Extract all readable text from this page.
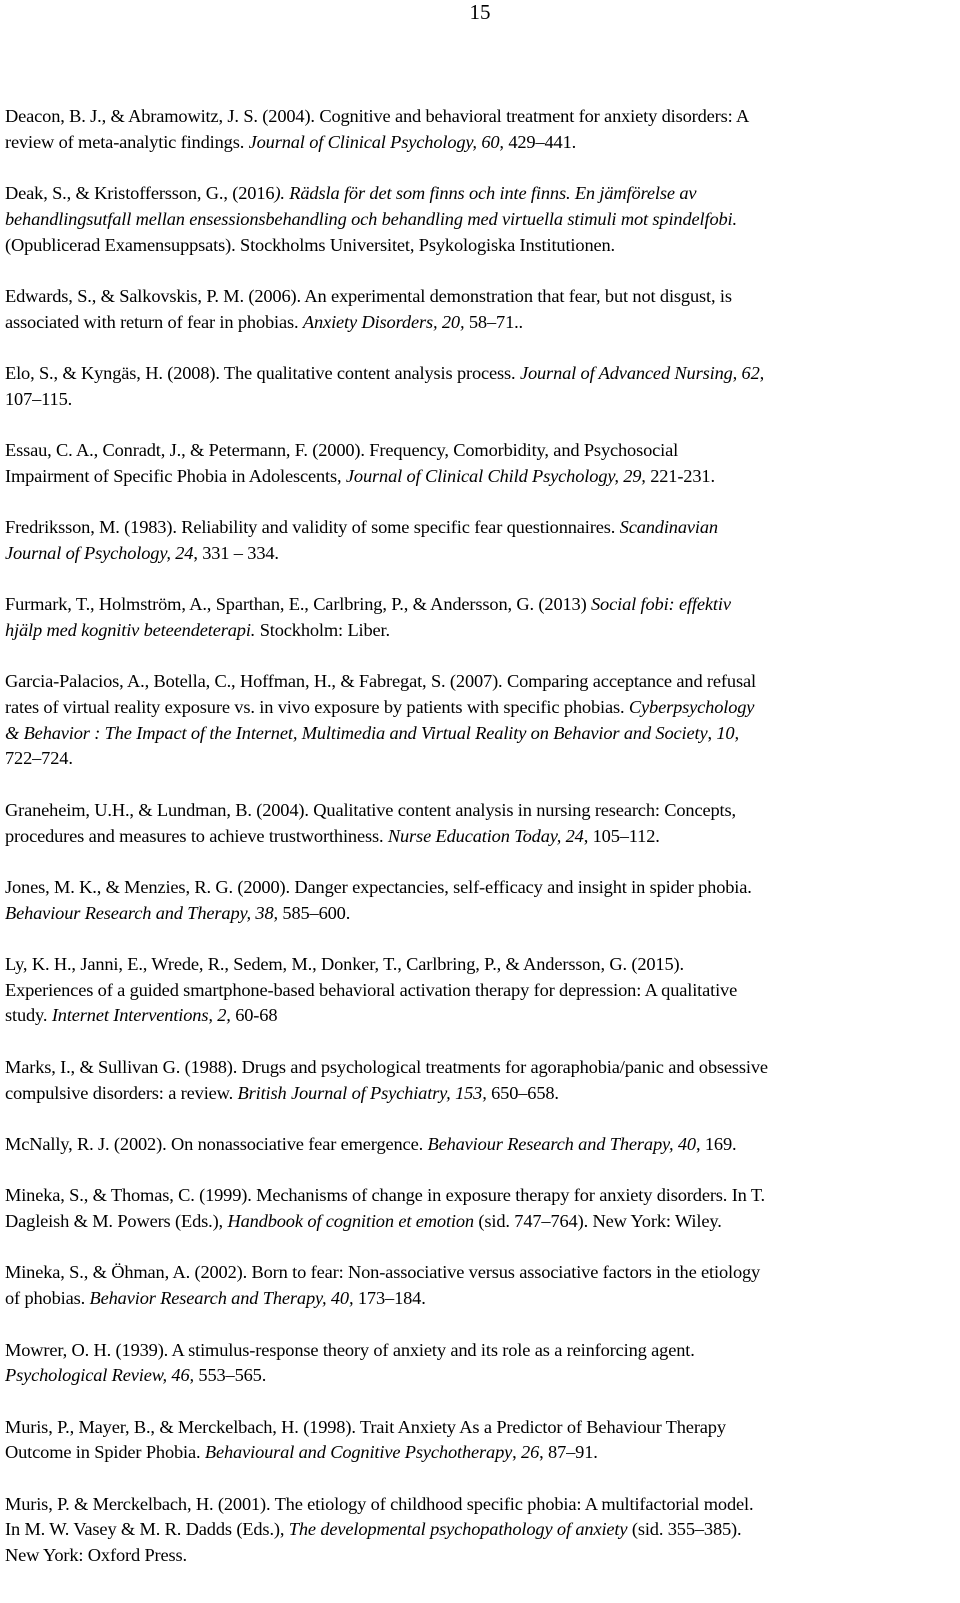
15
Deacon, B. J., & Abramowitz, J. S. (2004). Cognitive and behavioral treatment for anxiety disorders: A
review of meta-analytic findings. Journal of Clinical Psychology, 60, 429–441.
Deak, S., & Kristoffersson, G., (2016). Rädsla för det som finns och inte finns. En jämförelse av
behandlingsutfall mellan ensessionsbehandling och behandling med virtuella stimuli mot spindelfobi.
(Opublicerad Examensuppsats). Stockholms Universitet, Psykologiska Institutionen.
Edwards, S., & Salkovskis, P. M. (2006). An experimental demonstration that fear, but not disgust, is
associated with return of fear in phobias. Anxiety Disorders, 20, 58–71..
Elo, S., & Kyngäs, H. (2008). The qualitative content analysis process. Journal of Advanced Nursing, 62,
107–115.
Essau, C. A., Conradt, J., & Petermann, F. (2000). Frequency, Comorbidity, and Psychosocial
Impairment of Specific Phobia in Adolescents, Journal of Clinical Child Psychology, 29, 221-231.
Fredriksson, M. (1983). Reliability and validity of some specific fear questionnaires. Scandinavian
Journal of Psychology, 24, 331 – 334.
Furmark, T., Holmström, A., Sparthan, E., Carlbring, P., & Andersson, G. (2013) Social fobi: effektiv
hjälp med kognitiv beteendeterapi. Stockholm: Liber.
Garcia-Palacios, A., Botella, C., Hoffman, H., & Fabregat, S. (2007). Comparing acceptance and refusal
rates of virtual reality exposure vs. in vivo exposure by patients with specific phobias. Cyberpsychology
& Behavior : The Impact of the Internet, Multimedia and Virtual Reality on Behavior and Society, 10,
722–724.
Graneheim, U.H., & Lundman, B. (2004). Qualitative content analysis in nursing research: Concepts,
procedures and measures to achieve trustworthiness. Nurse Education Today, 24, 105–112.
Jones, M. K., & Menzies, R. G. (2000). Danger expectancies, self-efficacy and insight in spider phobia.
Behaviour Research and Therapy, 38, 585–600.
Ly, K. H., Janni, E., Wrede, R., Sedem, M., Donker, T., Carlbring, P., & Andersson, G. (2015).
Experiences of a guided smartphone-based behavioral activation therapy for depression: A qualitative
study. Internet Interventions, 2, 60-68
Marks, I., & Sullivan G. (1988). Drugs and psychological treatments for agoraphobia/panic and obsessive
compulsive disorders: a review. British Journal of Psychiatry, 153, 650–658.
McNally, R. J. (2002). On nonassociative fear emergence. Behaviour Research and Therapy, 40, 169.
Mineka, S., & Thomas, C. (1999). Mechanisms of change in exposure therapy for anxiety disorders. In T.
Dagleish & M. Powers (Eds.), Handbook of cognition et emotion (sid. 747–764). New York: Wiley.
Mineka, S., & Öhman, A. (2002). Born to fear: Non-associative versus associative factors in the etiology
of phobias. Behavior Research and Therapy, 40, 173–184.
Mowrer, O. H. (1939). A stimulus-response theory of anxiety and its role as a reinforcing agent.
Psychological Review, 46, 553–565.
Muris, P., Mayer, B., & Merckelbach, H. (1998). Trait Anxiety As a Predictor of Behaviour Therapy
Outcome in Spider Phobia. Behavioural and Cognitive Psychotherapy, 26, 87–91.
Muris, P. & Merckelbach, H. (2001). The etiology of childhood specific phobia: A multifactorial model.
In M. W. Vasey & M. R. Dadds (Eds.), The developmental psychopathology of anxiety (sid. 355–385).
New York: Oxford Press.
